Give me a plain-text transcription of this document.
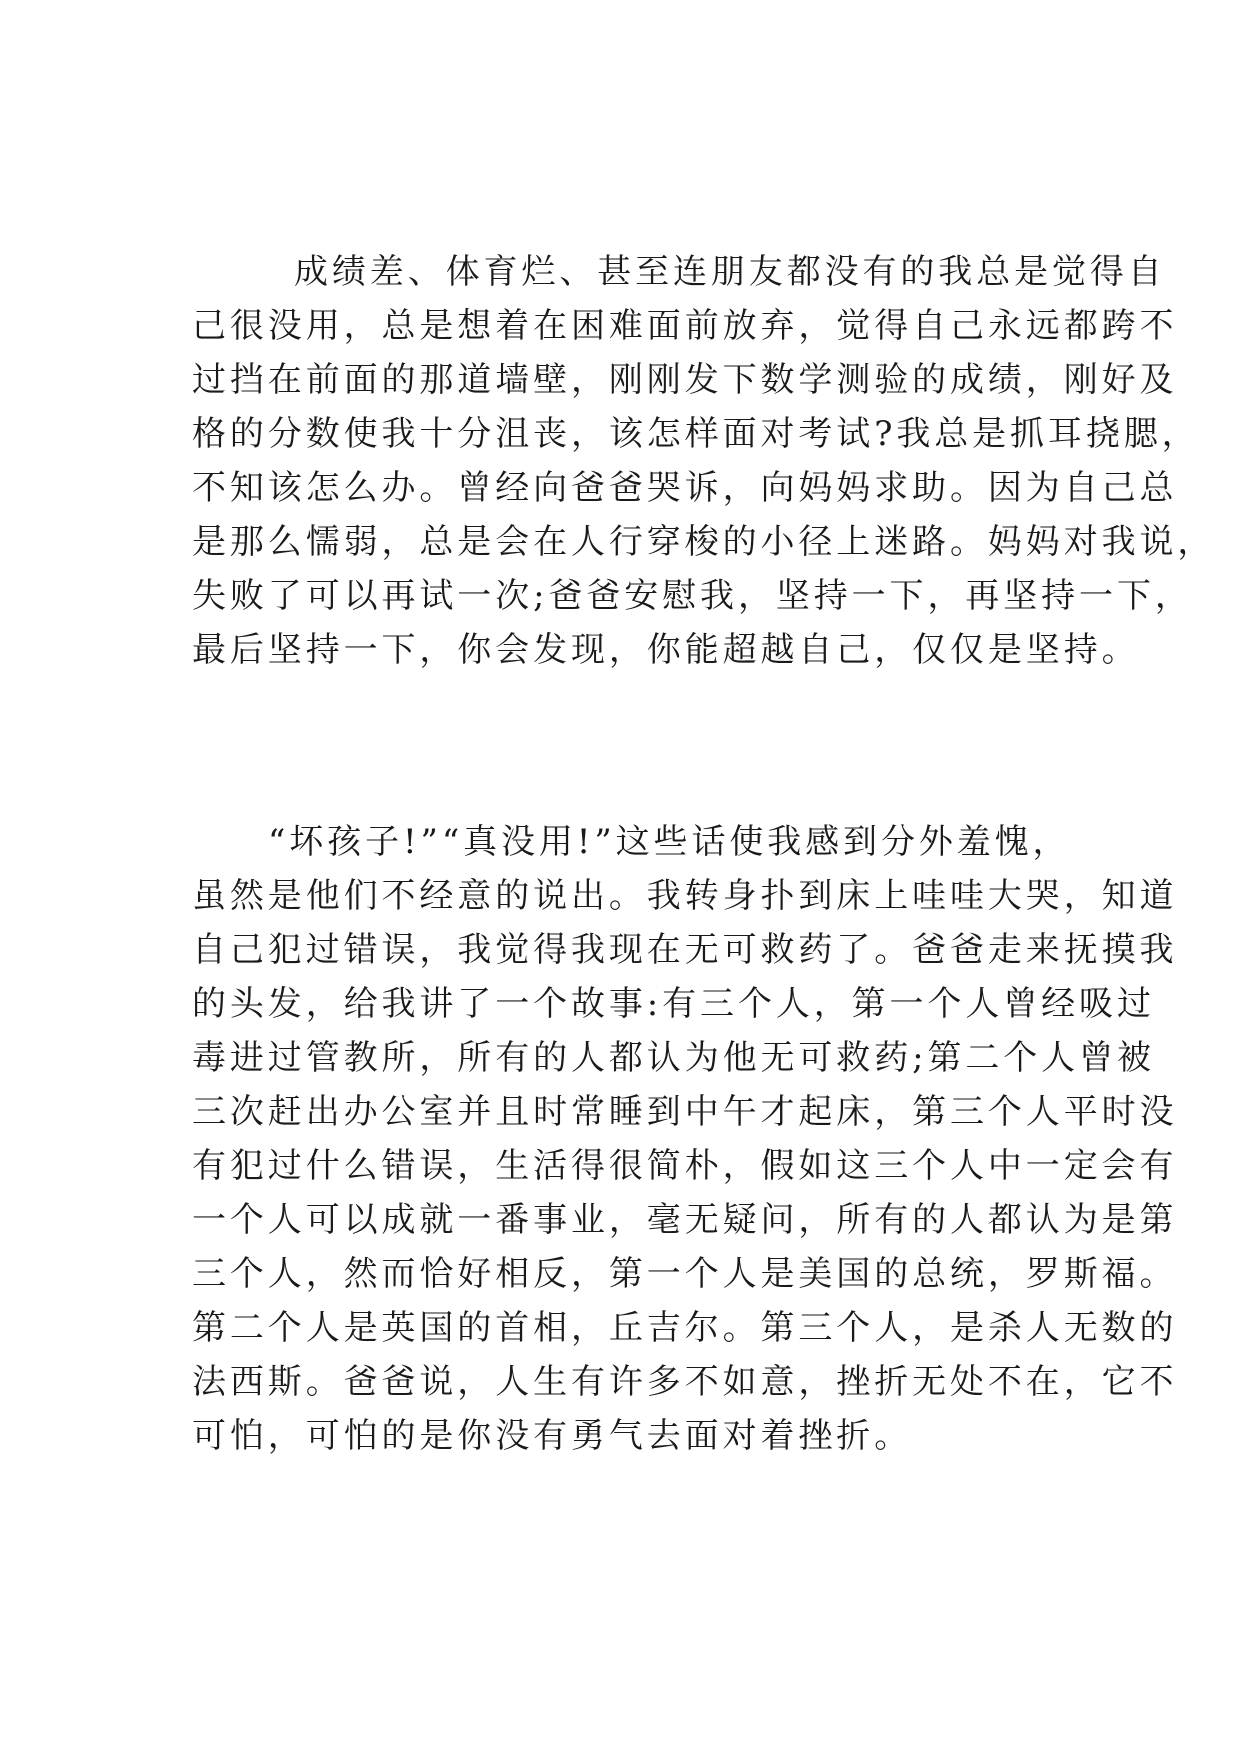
成绩差、体育烂、甚至连朋友都没有的我总是觉得自
己很没用，总是想着在困难面前放弃，觉得自己永远都跨不
过挡在前面的那道墙壁，刚刚发下数学测验的成绩，刚好及
格的分数使我十分沮丧，该怎样面对考试?我总是抓耳挠腮，
不知该怎么办。曾经向爸爸哭诉，向妈妈求助。因为自己总
是那么懦弱，总是会在人行穿梭的小径上迷路。妈妈对我说，
失败了可以再试一次;爸爸安慰我，坚持一下，再坚持一下，
最后坚持一下，你会发现，你能超越自己，仅仅是坚持。
“坏孩子!”“真没用!”这些话使我感到分外羞愧，
虽然是他们不经意的说出。我转身扑到床上哇哇大哭，知道
自己犯过错误，我觉得我现在无可救药了。爸爸走来抚摸我
的头发，给我讲了一个故事:有三个人，第一个人曾经吸过
毒进过管教所，所有的人都认为他无可救药;第二个人曾被
三次赶出办公室并且时常睡到中午才起床，第三个人平时没
有犯过什么错误，生活得很简朴，假如这三个人中一定会有
一个人可以成就一番事业，毫无疑问，所有的人都认为是第
三个人，然而恰好相反，第一个人是美国的总统，罗斯福。
第二个人是英国的首相，丘吉尔。第三个人，是杀人无数的
法西斯。爸爸说，人生有许多不如意，挫折无处不在，它不
可怕，可怕的是你没有勇气去面对着挫折。
